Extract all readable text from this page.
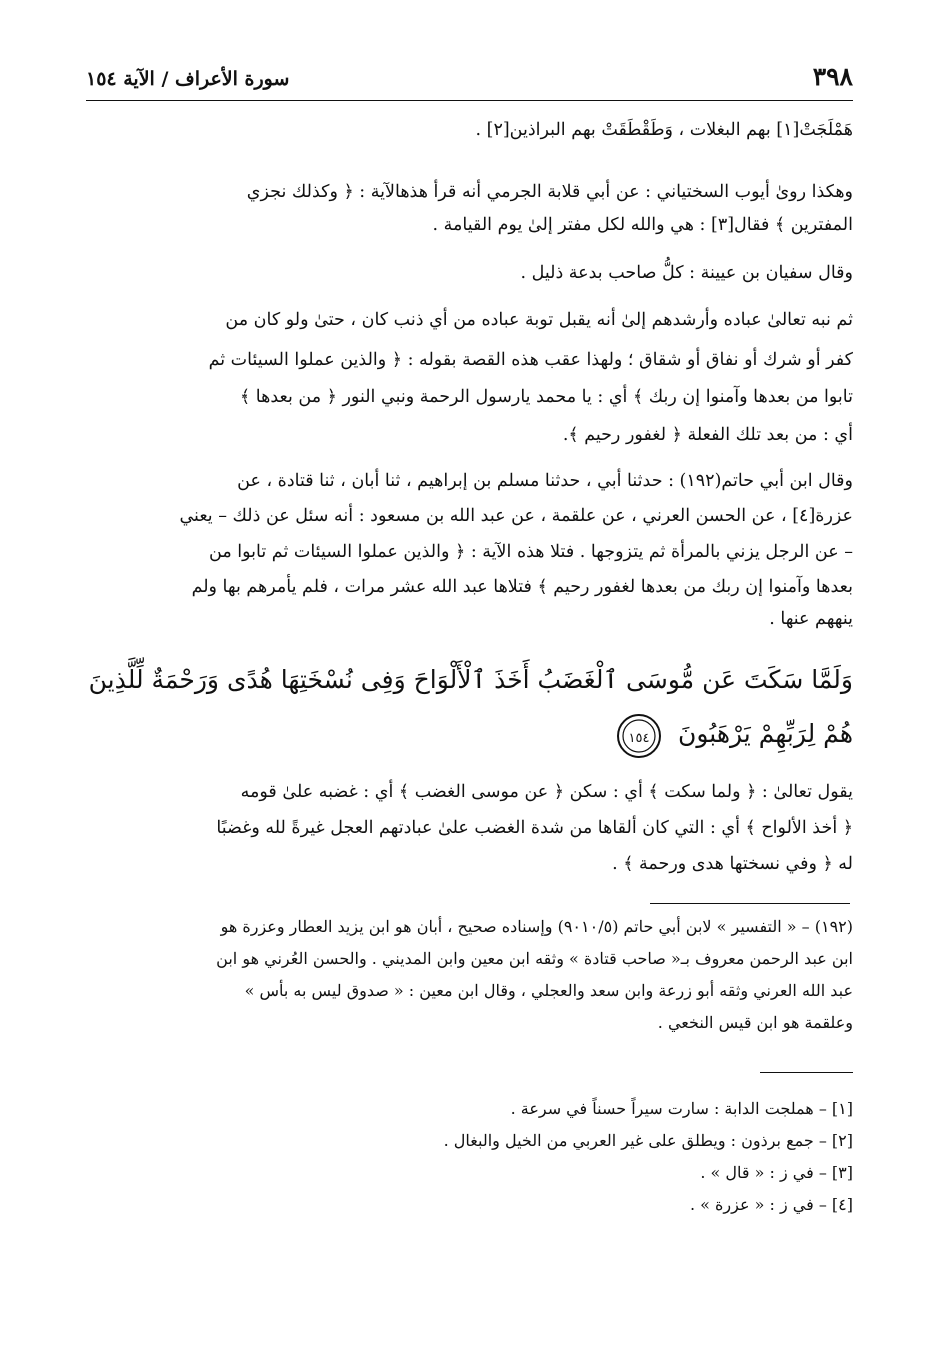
٣٩٨
سورة الأعراف / الآية ١٥٤
هَمْلَجَتْ[١] بهم البغلات ، وَطَقْطَقَتْ بهم البراذين[٢] .
وهكذا روىٰ أيوب السختياني : عن أبي قلابة الجرمي أنه قرأ هذهالآية : ﴿ وكذلك نجزي
المفترين ﴾ فقال[٣] : هي والله لكل مفتر إلىٰ يوم القيامة .
وقال سفيان بن عيينة : كلُّ صاحب بدعة ذليل .
ثم نبه تعالىٰ عباده وأرشدهم إلىٰ أنه يقبل توبة عباده من أي ذنب كان ، حتىٰ ولو كان من
كفر أو شرك أو نفاق أو شقاق ؛ ولهذا عقب هذه القصة بقوله : ﴿ والذين عملوا السيئات ثم
تابوا من بعدها وآمنوا إن ربك ﴾ أي : يا محمد يارسول الرحمة ونبي النور ﴿ من بعدها ﴾
أي : من بعد تلك الفعلة ﴿ لغفور رحيم ﴾.
وقال ابن أبي حاتم(١٩٢) : حدثنا أبي ، حدثنا مسلم بن إبراهيم ، ثنا أبان ، ثنا قتادة ، عن
عزرة[٤] ، عن الحسن العرني ، عن علقمة ، عن عبد الله بن مسعود : أنه سئل عن ذلك – يعني
– عن الرجل يزني بالمرأة ثم يتزوجها . فتلا هذه الآية : ﴿ والذين عملوا السيئات ثم تابوا من
بعدها وآمنوا إن ربك من بعدها لغفور رحيم ﴾ فتلاها عبد الله عشر مرات ، فلم يأمرهم بها ولم
ينههم عنها .
وَلَمَّا سَكَتَ عَن مُّوسَى ٱلْغَضَبُ أَخَذَ ٱلْأَلْوَاحَ وَفِى نُسْخَتِهَا هُدًى وَرَحْمَةٌ لِّلَّذِينَ
هُمْ لِرَبِّهِمْ يَرْهَبُونَ
١٥٤
يقول تعالىٰ : ﴿ ولما سكت ﴾ أي : سكن ﴿ عن موسى الغضب ﴾ أي : غضبه علىٰ قومه
﴿ أخذ الألواح ﴾ أي : التي كان ألقاها من شدة الغضب علىٰ عبادتهم العجل غيرةً لله وغضبًا
له ﴿ وفي نسختها هدى ورحمة ﴾ .
(١٩٢) – « التفسير » لابن أبي حاتم (٩٠١٠/٥) وإسناده صحيح ، أبان هو ابن يزيد العطار وعزرة هو
ابن عبد الرحمن معروف بـ« صاحب قتادة » وثقه ابن معين وابن المديني . والحسن العُرني هو ابن
عبد الله العرني وثقه أبو زرعة وابن سعد والعجلي ، وقال ابن معين : « صدوق ليس به بأس »
وعلقمة هو ابن قيس النخعي .
[١] – هملجت الدابة : سارت سيراً حسناً في سرعة .
[٢] – جمع برذون : ويطلق على غير العربي من الخيل والبغال .
[٣] – في ز : « قال » .
[٤] – في ز : « عزرة » .
